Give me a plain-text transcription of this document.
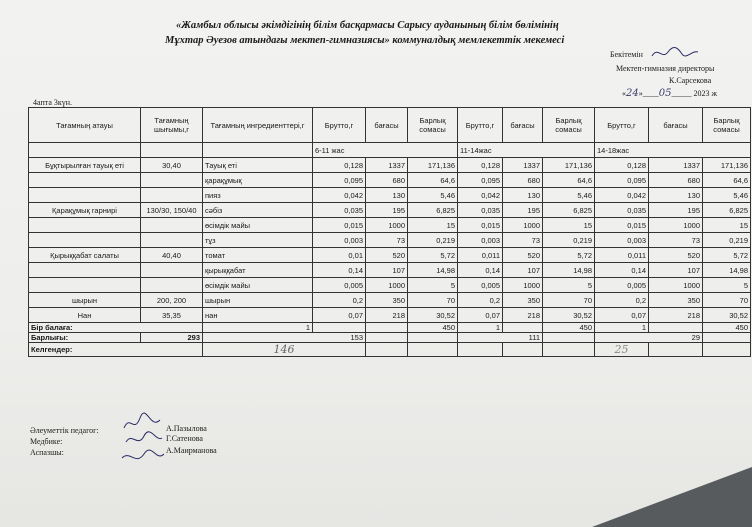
«Жамбыл облысы әкімдігінің білім басқармасы Сарысу ауданының білім бөлімінің
Мұхтар Әуезов атындағы мектеп-гимназиясы» коммуналдық мемлекеттік мекемесі
Бекітемін
Мектеп-гимназия директоры
К.Сарсекова
«24»____05_____ 2023 ж
4апта 3күн.
Тағамның атауы	Тағамның шығымы,г	Тағамның ингредиенттері,г	Брутто,г	бағасы	Барлық сомасы	Брутто,г	бағасы	Барлық сомасы	Брутто,г	бағасы	Барлық сомасы
			6-11 жас			11-14жас			14-18жас		
Бұқтырылған тауық еті	30,40	Тауық еті	0,128	1337	171,136	0,128	1337	171,136	0,128	1337	171,136
		қарақұмық	0,095	680	64,6	0,095	680	64,6	0,095	680	64,6
		пияз	0,042	130	5,46	0,042	130	5,46	0,042	130	5,46
Қарақұмық гарнирі	130/30, 150/40	сәбіз	0,035	195	6,825	0,035	195	6,825	0,035	195	6,825
		өсімдік майы	0,015	1000	15	0,015	1000	15	0,015	1000	15
		тұз	0,003	73	0,219	0,003	73	0,219	0,003	73	0,219
Қырыққабат салаты	40,40	томат	0,01	520	5,72	0,011	520	5,72	0,011	520	5,72
		қырыққабат	0,14	107	14,98	0,14	107	14,98	0,14	107	14,98
		өсімдік майы	0,005	1000	5	0,005	1000	5	0,005	1000	5
шырын	200, 200	шырын	0,2	350	70	0,2	350	70	0,2	350	70
Нан	35,35	нан	0,07	218	30,52	0,07	218	30,52	0,07	218	30,52
Бір балаға:		1			450	1		450	1		450
Барлығы:	293	153				111			29		
Келгендер:		146							25		
Әлеуметтік педагог:	А.Пазылова
Медбике:	Г.Сатенова
Аспазшы:	А.Маирманова
